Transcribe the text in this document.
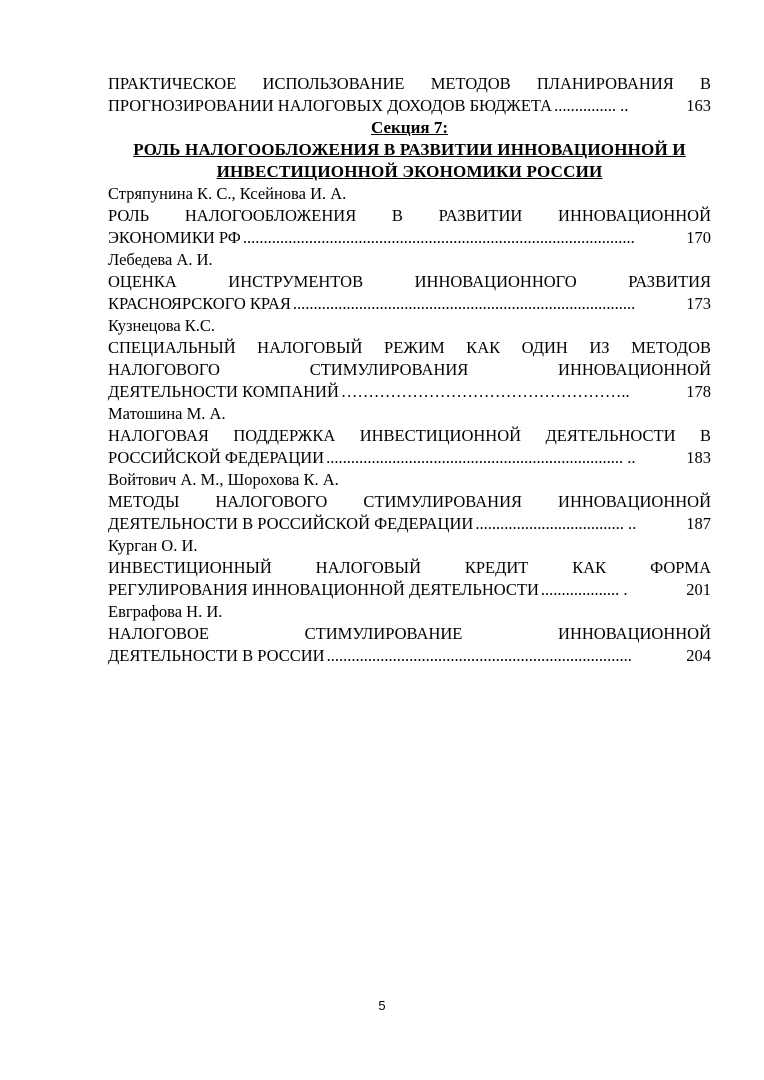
ПРАКТИЧЕСКОЕ ИСПОЛЬЗОВАНИЕ МЕТОДОВ ПЛАНИРОВАНИЯ В
ПРОГНОЗИРОВАНИИ НАЛОГОВЫХ ДОХОДОВ БЮДЖЕТА ............... ..	163
Секция 7:
РОЛЬ НАЛОГООБЛОЖЕНИЯ В РАЗВИТИИ ИННОВАЦИОННОЙ И
ИНВЕСТИЦИОННОЙ ЭКОНОМИКИ РОССИИ
Стряпунина К. С., Ксейнова И. А.
РОЛЬ НАЛОГООБЛОЖЕНИЯ В РАЗВИТИИ ИННОВАЦИОННОЙ
ЭКОНОМИКИ РФ ...............................................................................................	170
Лебедева А. И.
ОЦЕНКА ИНСТРУМЕНТОВ ИННОВАЦИОННОГО РАЗВИТИЯ
КРАСНОЯРСКОГО КРАЯ ...................................................................................	173
Кузнецова К.С.
СПЕЦИАЛЬНЫЙ НАЛОГОВЫЙ РЕЖИМ КАК ОДИН ИЗ МЕТОДОВ
НАЛОГОВОГО СТИМУЛИРОВАНИЯ ИННОВАЦИОННОЙ
ДЕЯТЕЛЬНОСТИ КОМПАНИЙ ……………………………………………..	178
Матошина М. А.
НАЛОГОВАЯ ПОДДЕРЖКА ИНВЕСТИЦИОННОЙ ДЕЯТЕЛЬНОСТИ В
РОССИЙСКОЙ ФЕДЕРАЦИИ ........................................................................ ..	183
Войтович А. М., Шорохова К. А.
МЕТОДЫ НАЛОГОВОГО СТИМУЛИРОВАНИЯ ИННОВАЦИОННОЙ
ДЕЯТЕЛЬНОСТИ В РОССИЙСКОЙ ФЕДЕРАЦИИ .................................... ..	187
Курган О. И.
ИНВЕСТИЦИОННЫЙ НАЛОГОВЫЙ КРЕДИТ КАК ФОРМА
РЕГУЛИРОВАНИЯ ИННОВАЦИОННОЙ ДЕЯТЕЛЬНОСТИ ................... .	201
Евграфова Н. И.
НАЛОГОВОЕ СТИМУЛИРОВАНИЕ ИННОВАЦИОННОЙ
ДЕЯТЕЛЬНОСТИ В РОССИИ ..........................................................................	204
5
